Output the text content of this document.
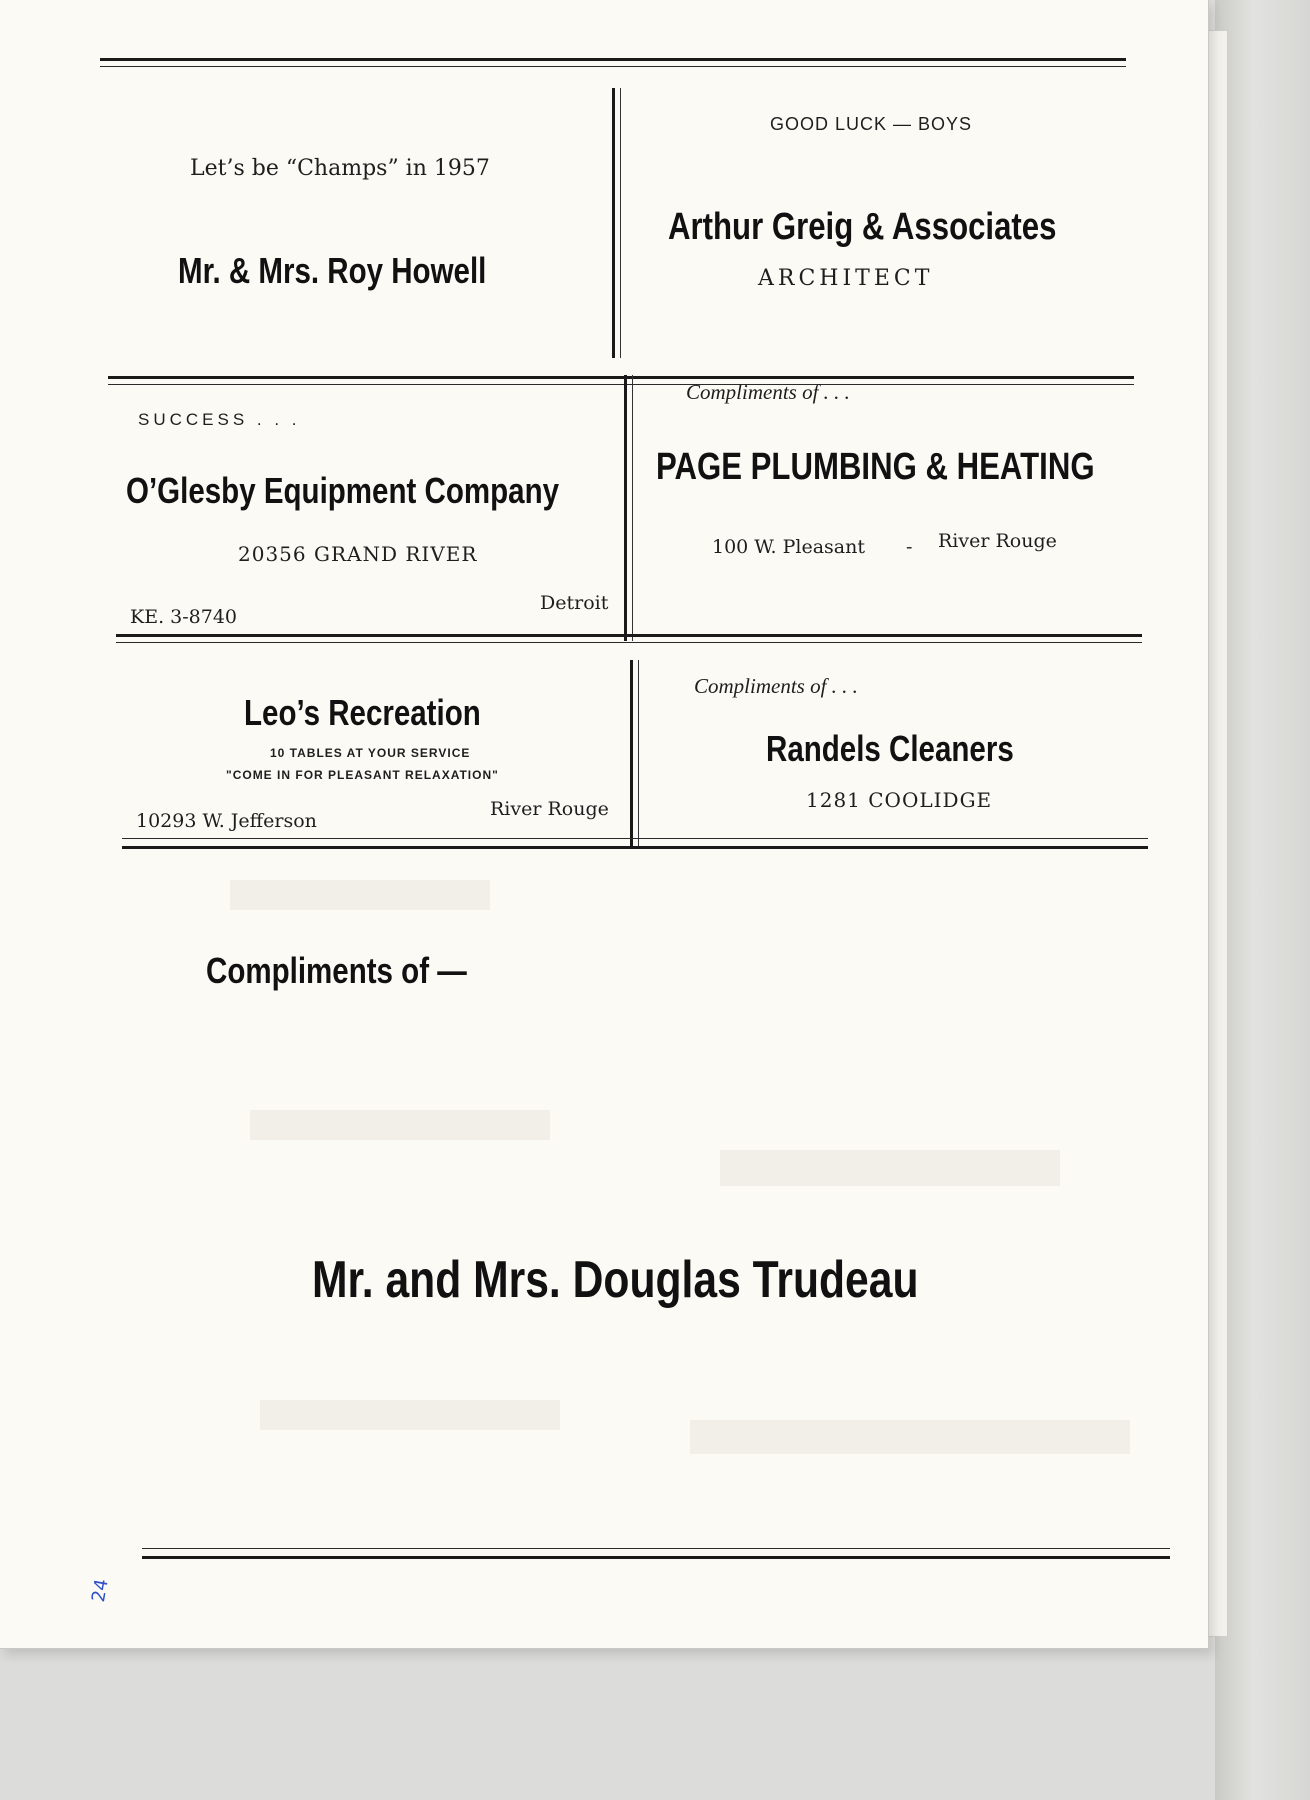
Let’s be “Champs” in 1957
Mr. & Mrs. Roy Howell
GOOD LUCK — BOYS
Arthur Greig & Associates
ARCHITECT
SUCCESS . . .
O’Glesby Equipment Company
20356 GRAND RIVER
KE. 3-8740
Detroit
Compliments of . . .
PAGE PLUMBING & HEATING
100 W. Pleasant - River Rouge
Leo’s Recreation
10 TABLES AT YOUR SERVICE
"COME IN FOR PLEASANT RELAXATION"
10293 W. Jefferson
River Rouge
Compliments of . . .
Randels Cleaners
1281 COOLIDGE
Compliments of —
Mr. and Mrs. Douglas Trudeau
24
